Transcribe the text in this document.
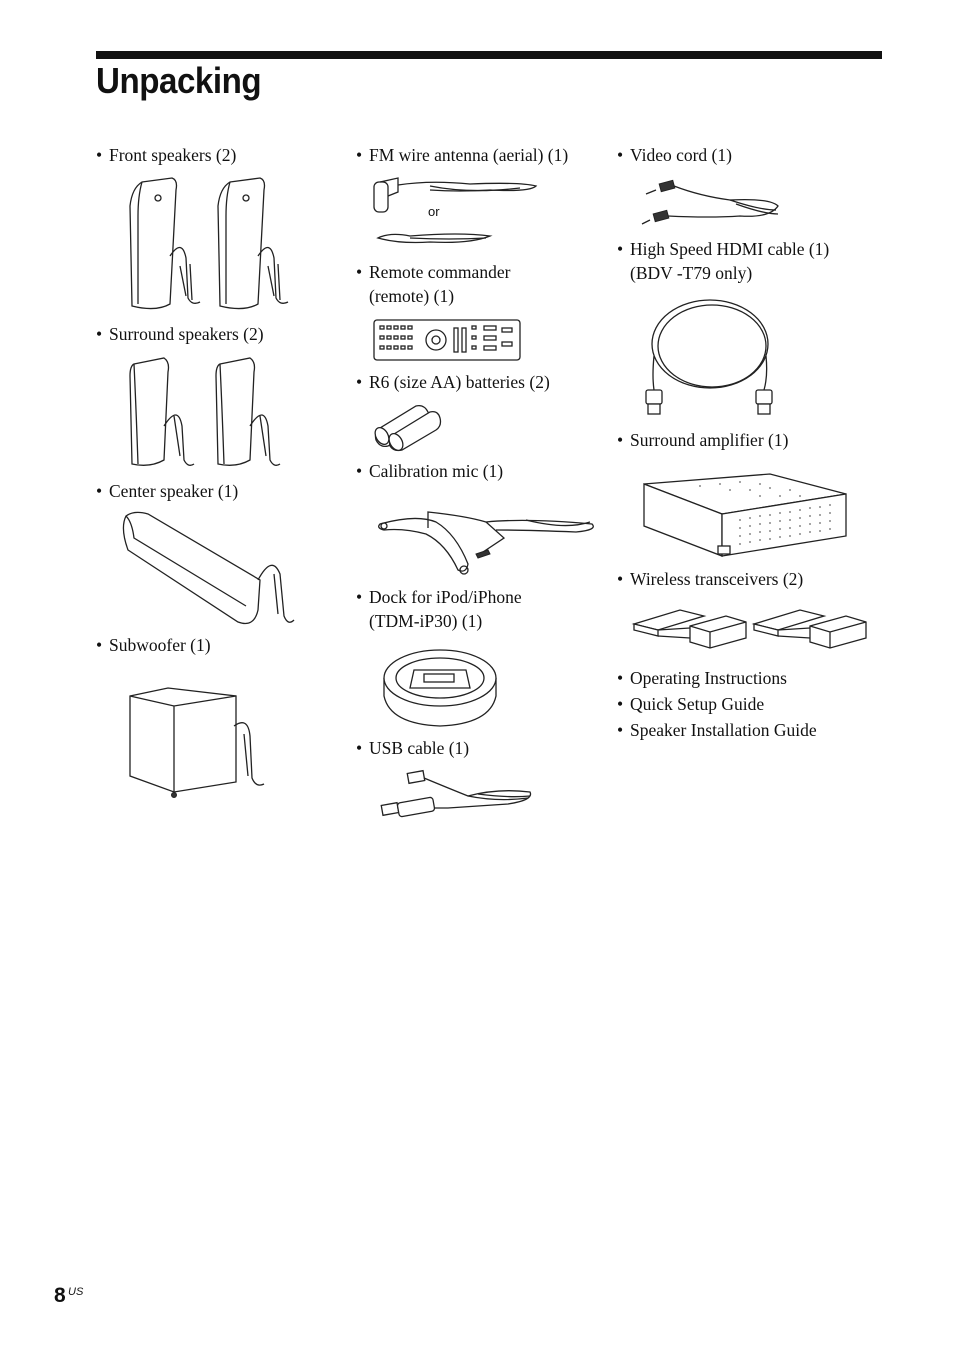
Unpacking
• Front speakers (2)
• Surround speakers (2)
• Center speaker (1)
• Subwoofer (1)
• FM wire antenna (aerial) (1)
or
• Remote commander
(remote) (1)
• R6 (size AA) batteries (2)
• Calibration mic (1)
• Dock for iPod/iPhone
(TDM-iP30) (1)
• USB cable (1)
• Video cord (1)
• High Speed HDMI cable (1)
(BDV -T79 only)
• Surround amplifier (1)
• Wireless transceivers (2)
• Operating Instructions
• Quick Setup Guide
• Speaker Installation Guide
8 US
